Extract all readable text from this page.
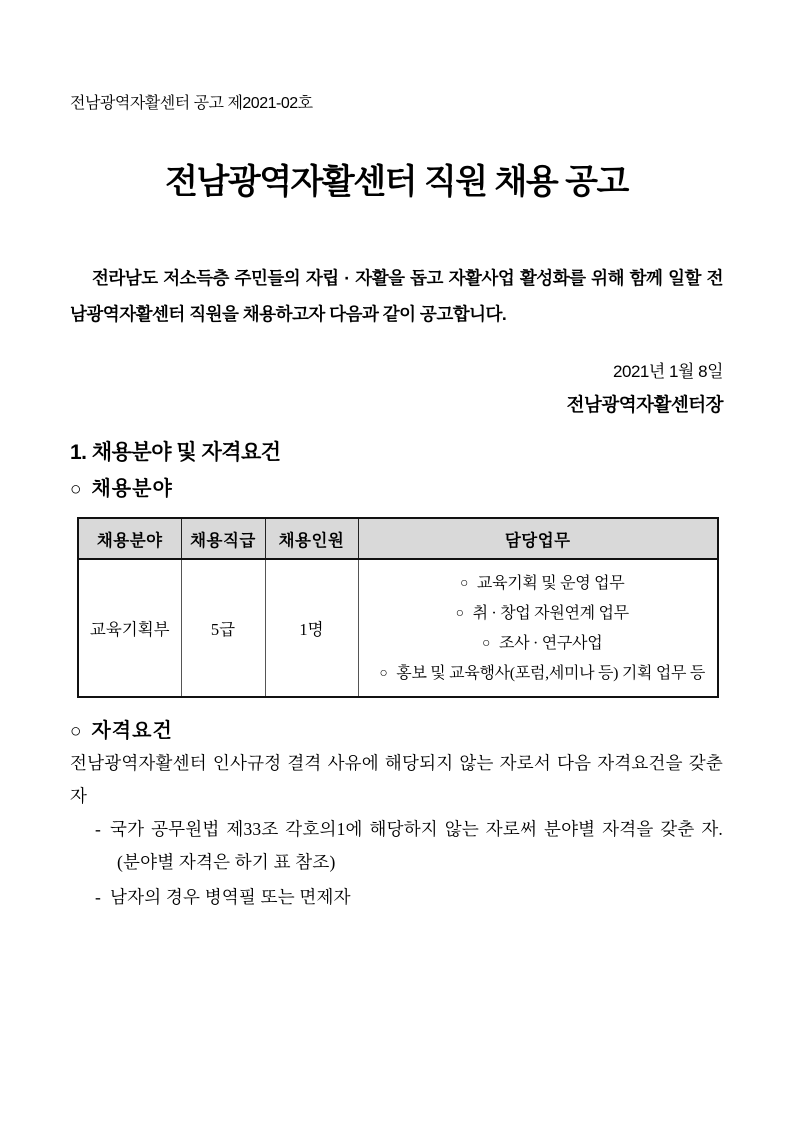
전남광역자활센터 공고 제2021-02호
전남광역자활센터 직원 채용 공고

전라남도 저소득층 주민들의 자립 · 자활을 돕고 자활사업 활성화를 위해 함께 일할 전남광역자활센터 직원을 채용하고자 다음과 같이 공고합니다.

2021년 1월 8일
전남광역자활센터장
1. 채용분야 및 자격요건
○ 채용분야
채용분야	채용직급	채용인원	담당업무
교육기획부	5급	1명	○ 교육기획 및 운영 업무
○ 취 · 창업 자원연계 업무
○ 조사 · 연구사업
○ 홍보 및 교육행사(포럼,세미나 등) 기획 업무 등
○ 자격요건

전남광역자활센터 인사규정 결격 사유에 해당되지 않는 자로서 다음 자격요건을 갖춘 자

- 국가 공무원법 제33조 각호의1에 해당하지 않는 자로써 분야별 자격을 갖춘 자.(분야별 자격은 하기 표 참조)

- 남자의 경우 병역필 또는 면제자
